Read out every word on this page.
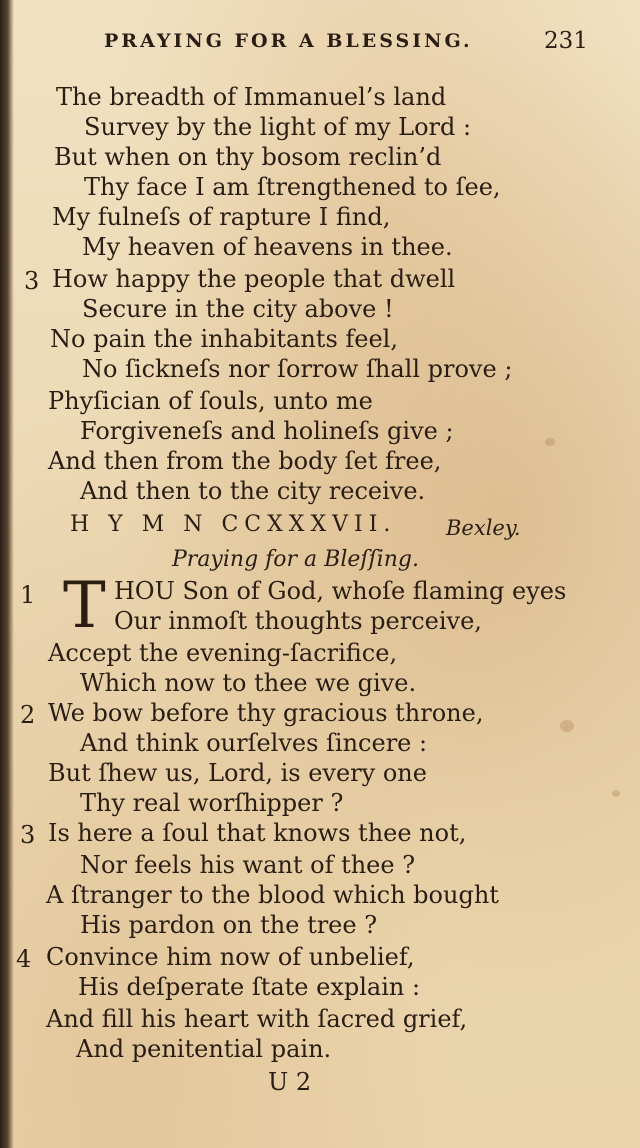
PRAYING FOR A BLESSING.	231
The breadth of Immanuel’s land
Survey by the light of my Lord :
But when on thy bosom reclin’d
Thy face I am ſtrengthened to ſee,
My fulneſs of rapture I find,
My heaven of heavens in thee.
3 How happy the people that dwell
Secure in the city above !
No pain the inhabitants feel,
No ſickneſs nor ſorrow ſhall prove ;
Phyſician of ſouls, unto me
Forgiveneſs and holineſs give ;
And then from the body ſet free,
And then to the city receive.
H Y M N CCXXXVII. Bexley.
Praying for a Bleſſing.
1 T HOU Son of God, whoſe flaming eyes
Our inmoſt thoughts perceive,
Accept the evening-ſacrifice,
Which now to thee we give.
2 We bow before thy gracious throne,
And think ourſelves ſincere :
But ſhew us, Lord, is every one
Thy real worſhipper ?
3 Is here a ſoul that knows thee not,
Nor feels his want of thee ?
A ſtranger to the blood which bought
His pardon on the tree ?
4 Convince him now of unbelief,
His deſperate ſtate explain :
And fill his heart with ſacred grief,
And penitential pain.
U 2
